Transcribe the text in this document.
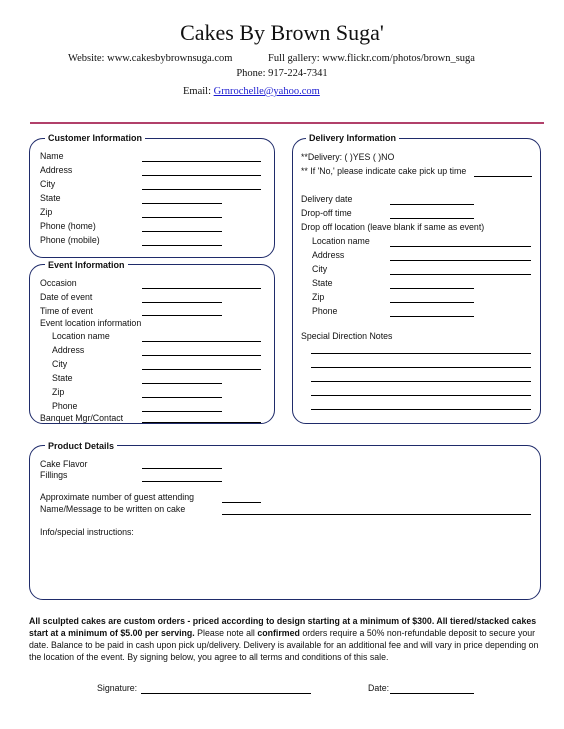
Cakes By Brown Suga'
Website: www.cakesbybrownsuga.com	Full gallery: www.flickr.com/photos/brown_suga
Phone: 917-224-7341
Email: Grnrochelle@yahoo.com
Customer Information
Name
Address
City
State
Zip
Phone (home)
Phone (mobile)
Event Information
Occasion
Date of event
Time of event
Event location information
Location name
Address
City
State
Zip
Phone
Banquet Mgr/Contact
Delivery Information
**Delivery: ( )YES ( )NO
** If 'No,' please indicate cake pick up time
Delivery date
Drop-off time
Drop off location (leave blank if same as event)
Location name
Address
City
State
Zip
Phone
Special Direction Notes
Product Details
Cake Flavor
Fillings
Approximate number of guest attending
Name/Message to be written on cake
Info/special instructions:
All sculpted cakes are custom orders - priced according to design starting at a minimum of $300. All tiered/stacked cakes start at a minimum of $5.00 per serving. Please note all confirmed orders require a 50% non-refundable deposit to secure your date. Balance to be paid in cash upon pick up/delivery. Delivery is available for an additional fee and will vary in price depending on the location of the event. By signing below, you agree to all terms and conditions of this sale.
Signature:	Date:
